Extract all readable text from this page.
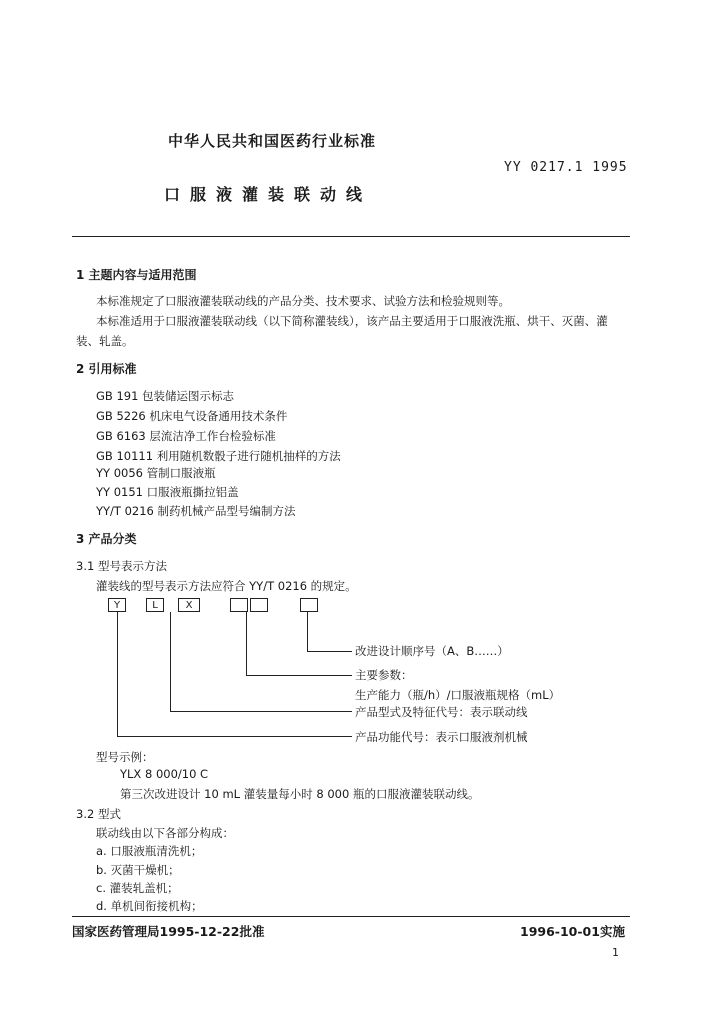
中华人民共和国医药行业标准
YY 0217.1 1995
口服液灌装联动线
1 主题内容与适用范围
本标准规定了口服液灌装联动线的产品分类、技术要求、试验方法和检验规则等。
本标准适用于口服液灌装联动线（以下简称灌装线），该产品主要适用于口服液洗瓶、烘干、灭菌、灌
装、轧盖。
2 引用标准
GB 191 包装储运图示标志
GB 5226 机床电气设备通用技术条件
GB 6163 层流洁净工作台检验标准
GB 10111 利用随机数骰子进行随机抽样的方法
YY 0056 管制口服液瓶
YY 0151 口服液瓶撕拉铝盖
YY/T 0216 制药机械产品型号编制方法
3 产品分类
3.1 型号表示方法
灌装线的型号表示方法应符合 YY/T 0216 的规定。
Y	L	X
改进设计顺序号（A、B……）
主要参数：
生产能力（瓶/h）/口服液瓶规格（mL）
产品型式及特征代号：表示联动线
产品功能代号：表示口服液剂机械
型号示例：
YLX 8 000/10 C
第三次改进设计 10 mL 灌装量每小时 8 000 瓶的口服液灌装联动线。
3.2 型式
联动线由以下各部分构成：
a. 口服液瓶清洗机；
b. 灭菌干燥机；
c. 灌装轧盖机；
d. 单机间衔接机构；
国家医药管理局1995-12-22批准	1996-10-01实施
1
